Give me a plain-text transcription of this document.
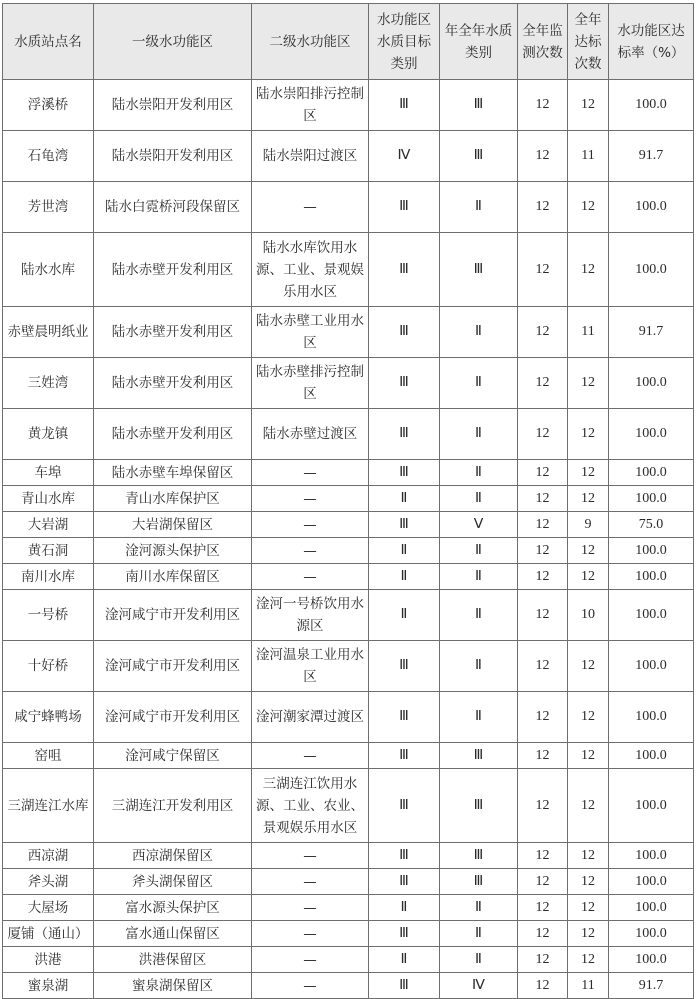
水质站点名	一级水功能区	二级水功能区	水功能区水质目标类别	年全年水质类别	全年监测次数	全年达标次数	水功能区达标率（%）
浮溪桥	陆水崇阳开发利用区	陆水崇阳排污控制区	Ⅲ	Ⅲ	12	12	100.0
石龟湾	陆水崇阳开发利用区	陆水崇阳过渡区	Ⅳ	Ⅲ	12	11	91.7
芳世湾	陆水白霓桥河段保留区	—	Ⅲ	Ⅱ	12	12	100.0
陆水水库	陆水赤壁开发利用区	陆水水库饮用水源、工业、景观娱乐用水区	Ⅲ	Ⅲ	12	12	100.0
赤壁晨明纸业	陆水赤壁开发利用区	陆水赤壁工业用水区	Ⅲ	Ⅱ	12	11	91.7
三姓湾	陆水赤壁开发利用区	陆水赤壁排污控制区	Ⅲ	Ⅱ	12	12	100.0
黄龙镇	陆水赤壁开发利用区	陆水赤壁过渡区	Ⅲ	Ⅱ	12	12	100.0
车埠	陆水赤壁车埠保留区	—	Ⅲ	Ⅱ	12	12	100.0
青山水库	青山水库保护区	—	Ⅱ	Ⅱ	12	12	100.0
大岩湖	大岩湖保留区	—	Ⅲ	Ⅴ	12	9	75.0
黄石洞	淦河源头保护区	—	Ⅱ	Ⅱ	12	12	100.0
南川水库	南川水库保留区	—	Ⅱ	Ⅱ	12	12	100.0
一号桥	淦河咸宁市开发利用区	淦河一号桥饮用水源区	Ⅱ	Ⅱ	12	10	100.0
十好桥	淦河咸宁市开发利用区	淦河温泉工业用水区	Ⅲ	Ⅱ	12	12	100.0
咸宁蜂鸭场	淦河咸宁市开发利用区	淦河潮家潭过渡区	Ⅲ	Ⅱ	12	12	100.0
窑咀	淦河咸宁保留区	—	Ⅲ	Ⅲ	12	12	100.0
三湖连江水库	三湖连江开发利用区	三湖连江饮用水源、工业、农业、景观娱乐用水区	Ⅲ	Ⅲ	12	12	100.0
西凉湖	西凉湖保留区	—	Ⅲ	Ⅲ	12	12	100.0
斧头湖	斧头湖保留区	—	Ⅲ	Ⅲ	12	12	100.0
大屋场	富水源头保护区	—	Ⅱ	Ⅱ	12	12	100.0
厦铺（通山）	富水通山保留区	—	Ⅲ	Ⅱ	12	12	100.0
洪港	洪港保留区	—	Ⅱ	Ⅱ	12	12	100.0
蜜泉湖	蜜泉湖保留区	—	Ⅲ	Ⅳ	12	11	91.7
